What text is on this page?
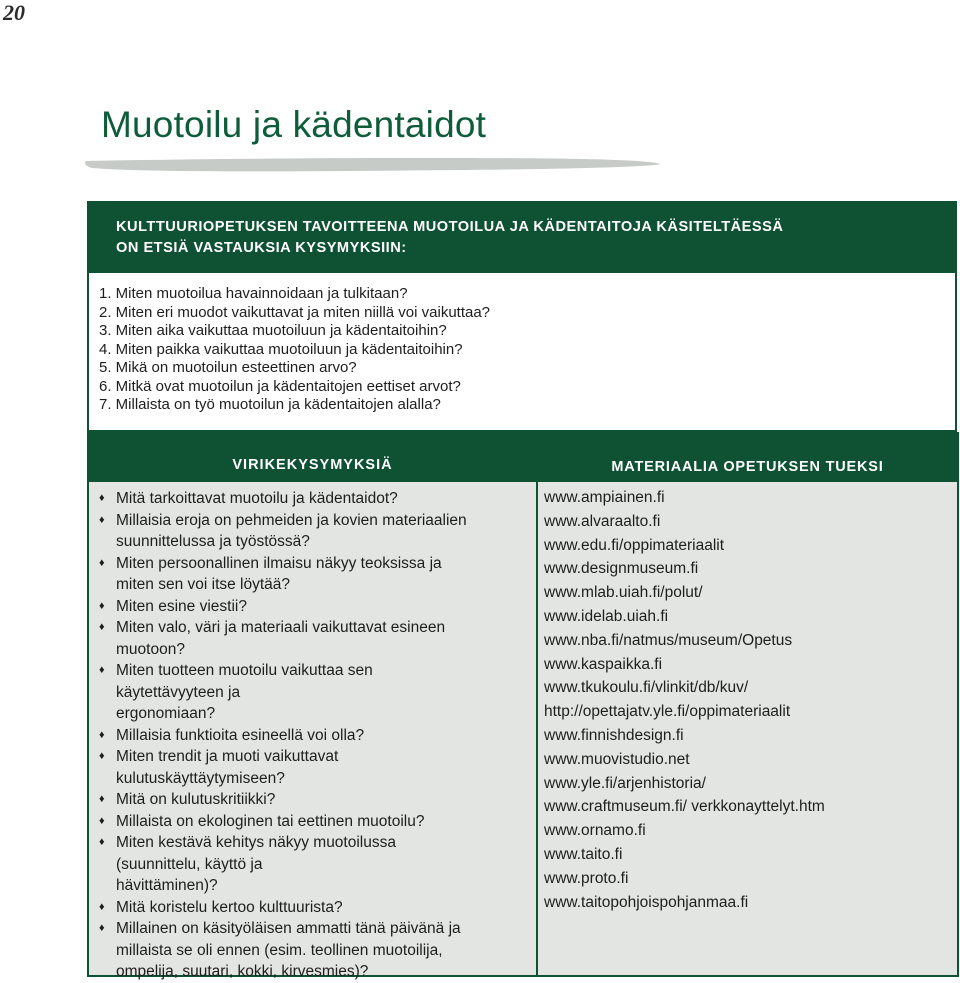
20
Muotoilu ja kädentaidot
KULTTUURIOPETUKSEN TAVOITTEENA MUOTOILUA JA KÄDENTAITOJA KÄSITELTÄESSÄ
ON ETSIÄ VASTAUKSIA KYSYMYKSIIN:
1. Miten muotoilua havainnoidaan ja tulkitaan?
2. Miten eri muodot vaikuttavat ja miten niillä voi vaikuttaa?
3. Miten aika vaikuttaa muotoiluun ja kädentaitoihin?
4. Miten paikka vaikuttaa muotoiluun ja kädentaitoihin?
5. Mikä on muotoilun esteettinen arvo?
6. Mitkä ovat muotoilun ja kädentaitojen eettiset arvot?
7. Millaista on työ muotoilun ja kädentaitojen alalla?
VIRIKEKYSYMYKSIÄ
♦ Mitä tarkoittavat muotoilu ja kädentaidot?
♦ Millaisia eroja on pehmeiden ja kovien materiaalien
suunnittelussa ja työstössä?
♦ Miten persoonallinen ilmaisu näkyy teoksissa ja
miten sen voi itse löytää?
♦ Miten esine viestii?
♦ Miten valo, väri ja materiaali vaikuttavat esineen
muotoon?
♦ Miten tuotteen muotoilu vaikuttaa sen
käytettävyyteen ja
ergonomiaan?
♦ Millaisia funktioita esineellä voi olla?
♦ Miten trendit ja muoti vaikuttavat
kulutuskäyttäytymiseen?
♦ Mitä on kulutuskritiikki?
♦ Millaista on ekologinen tai eettinen muotoilu?
♦ Miten kestävä kehitys näkyy muotoilussa
(suunnittelu, käyttö ja
hävittäminen)?
♦ Mitä koristelu kertoo kulttuurista?
♦ Millainen on käsityöläisen ammatti tänä päivänä ja
millaista se oli ennen (esim. teollinen muotoilija,
ompelija, suutari, kokki, kirvesmies)?
MATERIAALIA OPETUKSEN TUEKSI
www.ampiainen.fi
www.alvaraalto.fi
www.edu.fi/oppimateriaalit
www.designmuseum.fi
www.mlab.uiah.fi/polut/
www.idelab.uiah.fi
www.nba.fi/natmus/museum/Opetus
www.kaspaikka.fi
www.tkukoulu.fi/vlinkit/db/kuv/
http://opettajatv.yle.fi/oppimateriaalit
www.finnishdesign.fi
www.muovistudio.net
www.yle.fi/arjenhistoria/
www.craftmuseum.fi/ verkkonayttelyt.htm
www.ornamo.fi
www.taito.fi
www.proto.fi
www.taitopohjoispohjanmaa.fi
